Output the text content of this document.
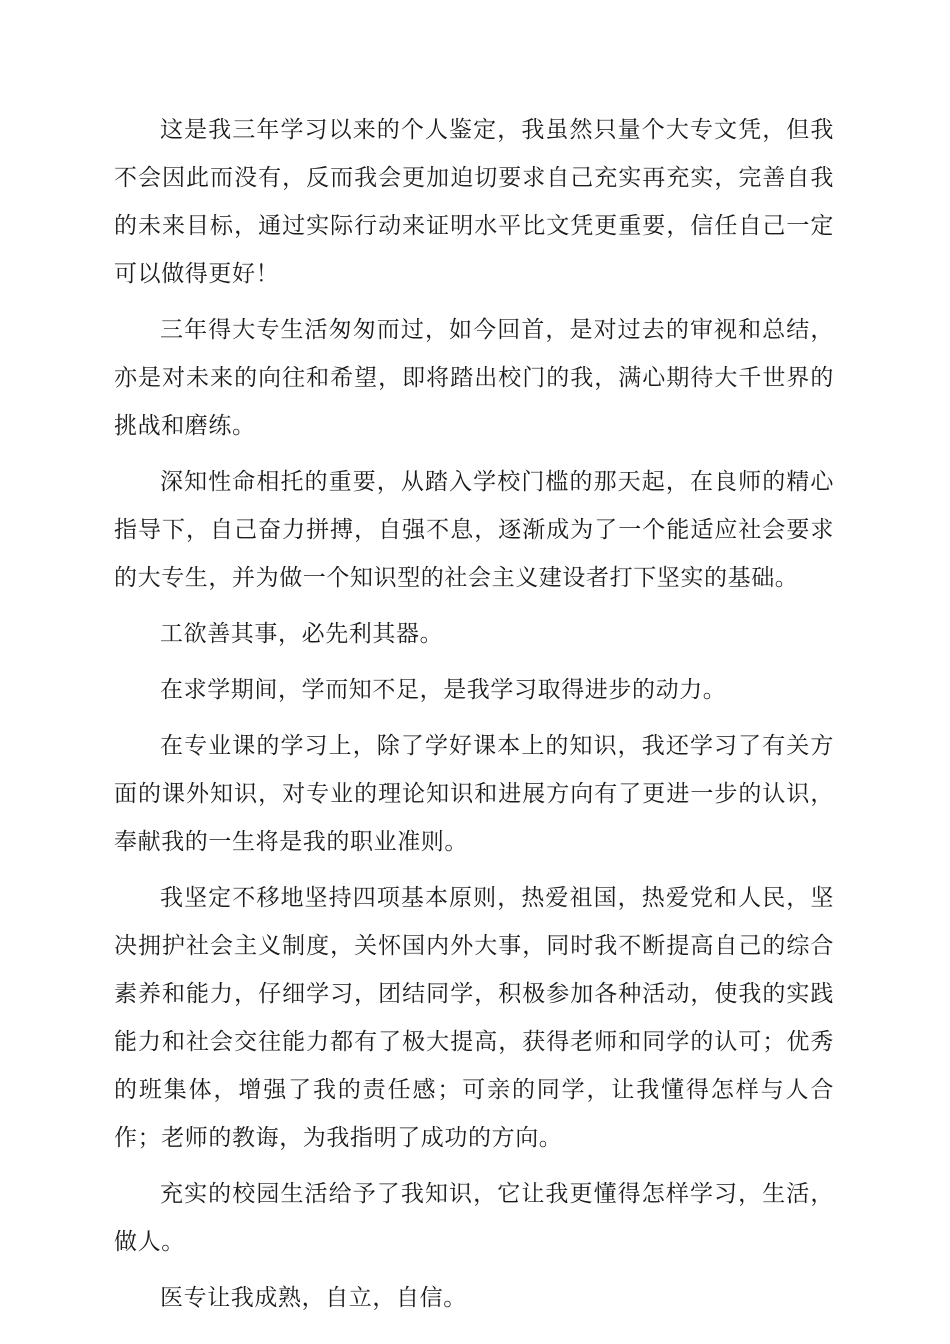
这是我三年学习以来的个人鉴定，我虽然只量个大专文凭，但我不会因此而没有，反而我会更加迫切要求自己充实再充实，完善自我的未来目标，通过实际行动来证明水平比文凭更重要，信任自己一定可以做得更好！

三年得大专生活匆匆而过，如今回首，是对过去的审视和总结，亦是对未来的向往和希望，即将踏出校门的我，满心期待大千世界的挑战和磨练。

深知性命相托的重要，从踏入学校门槛的那天起，在良师的精心指导下，自己奋力拼搏，自强不息，逐渐成为了一个能适应社会要求的大专生，并为做一个知识型的社会主义建设者打下坚实的基础。

工欲善其事，必先利其器。

在求学期间，学而知不足，是我学习取得进步的动力。

在专业课的学习上，除了学好课本上的知识，我还学习了有关方面的课外知识，对专业的理论知识和进展方向有了更进一步的认识，奉献我的一生将是我的职业准则。

我坚定不移地坚持四项基本原则，热爱祖国，热爱党和人民，坚决拥护社会主义制度，关怀国内外大事，同时我不断提高自己的综合素养和能力，仔细学习，团结同学，积极参加各种活动，使我的实践能力和社会交往能力都有了极大提高，获得老师和同学的认可；优秀的班集体，增强了我的责任感；可亲的同学，让我懂得怎样与人合作；老师的教诲，为我指明了成功的方向。

充实的校园生活给予了我知识，它让我更懂得怎样学习，生活，做人。

医专让我成熟，自立，自信。
